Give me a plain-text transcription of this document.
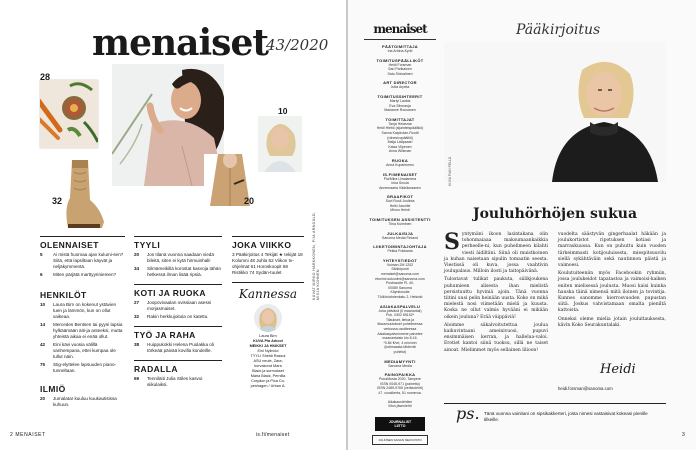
menaiset
43/2020
28
10
32	20
OLENNAISET
5	Ai mistä huomaa ajan kulumi-sen? Siitä, että lapsiltaan käyvät ja neljäkymmentä.
6	Miten pärjätä marttyyriniemen?
HENKILÖT
10	Laura Birn on kokenut ystävien tuen ja lämmön, kun on ollut vaikeaa.
14	Mercedes Bentsen tai pyysi lapsia hylkäämään äiti-ja anteeksi, mutta yhteistä aikaa ei enää ollut.
42	Eini kävi vuosia välillä vanhempana, ettei kumpaa ole tullut näin.
75	Stig-elyttelee lapsuuden piano-tunneltaan.
ILMIÖ
20	Jumalatar kuuluu kuukautisissa kuhuun.
TYYLI
20	Jos tilanä vuonna saadaan viedä bileitä, siten ei kytä hirmuinhali!
34	Silmämeikillä korostat kasvoja tähän hetkessä ilman lisää ripsiä.
KOTI JA RUOKA
27	Joopovivaalan ovissiaan asessi morjasmaiset.
32	Rakin herkkujoitula on katettu.
TYÖ JA RAHA
38	Huippukokki Helena Puolakka oli törkeää päivää kovilla kondeille.
RADALLA
69	Tenniläiti Julia Stiles kasvoi siikulaiksi.
JOKA VIIKKO
3 Pääkirjoitus 4 Tekijät ★ tekijät 18 Kolumni 48 Juhla 52 Viikon tv-ohjelmat 61 Horoskoopit 68 Ristikko 74 Sydän-tuulet
Kannessa
Laura Birn
KUVA Pia Arkovi
MEIKKI JA HIUKSET
Eini Nylindoi
TYYLI Sheidi Rassoi
ASU neule, Zara;
korvakorut Mara
Black ja sormukset
Maria Black, Pernilla
Corydon ja Pica Co-
penhagen / Urban A.
KUVAT MIRKO HARKKONEN, PIIA ARNOULD, MISJA KOHNEN
2 MENAISET	is.fi/menaiset
menaiset
PÄÄTOIMITTAJA
Ina Arhina-Kyrki
TOIMITUSPÄÄLLIKÖT
Heidi Forsman
Sari Parikainen
Satu Sinivalinen
ART DIRECTOR
Jutta Arpeta
TOIMITUSSIHTEERIT
Mariyi Laukia
Eva Sihmasja
Marianne Rousanen
TOIMITTAJAT
Tanja Heiasma
Heidi Hietiö (sijainteispääliikö)
Sanna Kaipirolan-Ruotti
(viinesivupäälliö)
Maija Lääpsaari
Kaisa Vilpenen
Anna Wiikman
RUOKA
Anna Kuparinemu
IS.FI/MENAISET
Pia/Miira Liinalamma
Inka Sinola
Annemaaria Väärämaanen
GRAAFIKOT
Suvi Ruoli Juulinta
Heiki Jaunilei
Minnu Heinti
TOIMITUKSEN ASSISTENTTI
Tiina Kulminen
JULKAISIJA
Sanoma Media Finland
LIIKETOIMINTAJOHTAJA
Pekka Pukkania
YHTEYSTIEDOT
Voiman 2M 1202
Sähköposti
menaiset@sanoma.com
etunimi.sukunimi@sanoma.com
Postiosoite PL 40,
00089 Sanoma
Käyntiosoite
Töölönlahdenkatu 2, Helsinki
ASIAKASPALVELU
Joka päivänä (ti maanantai)
Puh. 0302 65152*
Tilaukset, tietoa ja
tilausmuutokset puhelimessa
verkossa osoitteessa
Asiakaspalvelumme palvelee
maanantaisin klo 8-16.
*0.84 €/vrt, 4 min/min
(kotimaasta lähtevät
puhelut)
MEDIAMYYNTI
Sanoma Media
PAINOPAIKKA
PunaMusta 2020, Tampere
ISSN 0045-971 (painettu)
ISSN 2489-9765 (verkkolehti)
47. vuosikerta, 51 numeroa.
Aikakauslehtien
liiton jäsenlehti
JOURNALIST
LIITTO
JULKISEN SANAN NEUVOSTO
Pääkirjoitus
KUVA PIAN PELLÄ
Jouluhörhöjen sukua

Syntymäni ikoon lasintakana olin tohonmaiaaa maksumaankaikkia perheelle-ni, kun puhelimeen kilahti viesti äidiltäni. Siinä oli muistkoinen ja kuhan naisetaan sipulin tomaatin seesta. Viestissä oli kuva, jossa vaahtivin joulupalaus. Milloin ilosti ja taitopäivänä.

Tulostavat tulikat paukuta, siilikjoukena puhumieen alisesta ihan mielistä persistuuttu hyviniä ajoin. Tänä vuonna tiitini uusi pelin heinään uusta. Koko on mikä mielestä nosi viimetään mielä ja kuusta. Koska ne ollut valmis hyvääni ei mikään oikein jouluna? Erää väippäviä!

Aloimme säkalvoitutettua joulua kaikuvintaani ameinivuosi, pupuvi ensimmäisen kerran, ja hallelua-valoi. Erotiet kantoi siinä tuoksu, sillä ne taiset ainoat. Mielimmet myös sellainen lilioon!

vuodelta säästyvän gingerhaalat häkään ja joulukortistot ripotuksen kotiasi ja marraskuussa. Kun on puhuttu kuin vuoden tärkeimmasti kotijouluisesta, miespitsuuvilu siellä sykähtäväin sekä nautinnon päistä ja vaimoesi.

Koulutuiteeniin myös Facebookin ryhmiin, jossa joulukeidot tapatastoa ja vaimoisi-kaiken eniten mielisessä joulusta. Muosi kaisi kuinka hauska täinä nimensä mitä iloinen ja tovintija. Kunnes sanomme kierrosvuoden pupustan siitä. Joskus vahvistamaan omalta pieniltä kattoista.

Onneksi oleme mielia jotain joulultauksesta, kävin Koko Seurakuntalaki.

Heidi
heidi.forsman@sanoma.com
ps. Tänä vuonna vainitani on sipsikakkerteri, josta nimesi vastaisivat kokeasi pienille tilkeille.
3
